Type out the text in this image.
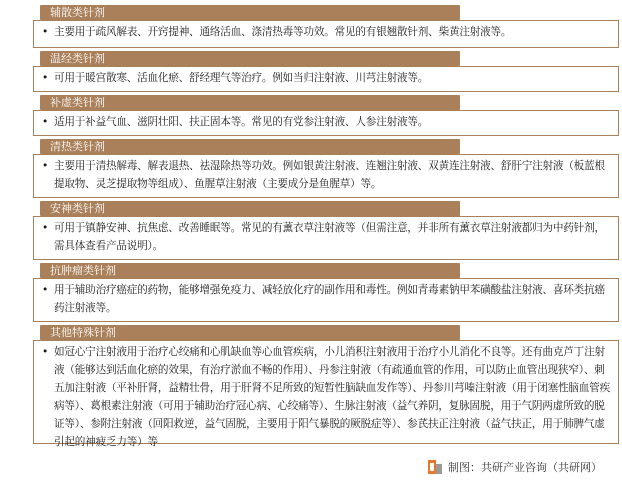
辅散类针剂

• 主要用于疏风解表、开窍提神、通络活血、涤清热毒等功效。常见的有银翘散针剂、柴黄注射液等。

温经类针剂

• 可用于暖宫散寒、活血化瘀、舒经理气等治疗。例如当归注射液、川芎注射液等。

补虚类针剂

• 适用于补益气血、滋阴壮阳、扶正固本等。常见的有党参注射液、人参注射液等。

清热类针剂

• 主要用于清热解毒、解表退热、祛湿除热等功效。例如银黄注射液、连翘注射液、双黄连注射液、舒肝宁注射液（板蓝根提取物、灵芝提取物等组成）、鱼腥草注射液（主要成分是鱼腥草）等。

安神类针剂

• 可用于镇静安神、抗焦虑、改善睡眠等。常见的有薰衣草注射液等（但需注意，并非所有薰衣草注射液都归为中药针剂，需具体查看产品说明）。

抗肿瘤类针剂

• 用于辅助治疗癌症的药物，能够增强免疫力、减轻放化疗的副作用和毒性。例如青毒素钠甲苯磺酸盐注射液、喜环类抗癌药注射液等。

其他特殊针剂

• 如冠心宁注射液用于治疗心绞痛和心肌缺血等心血管疾病，小儿消积注射液用于治疗小儿消化不良等。还有曲克芦丁注射液（能够达到活血化瘀的效果，有治疗淤血不畅的作用）、丹参注射液（有疏通血管的作用，可以防止血管出现狭窄）、刺五加注射液（平补肝肾，益精壮骨，用于肝肾不足所致的短暂性脑缺血发作等）、丹参川芎嗪注射液（用于闭塞性脑血管疾病等）、葛根素注射液（可用于辅助治疗冠心病、心绞痛等）、生脉注射液（益气养阴，复脉固脱，用于气阴两虚所致的脱证等）、参附注射液（回阳救逆，益气固脱，主要用于阳气暴脱的厥脱症等）、参芪扶正注射液（益气扶正，用于肺脾气虚引起的神疲乏力等）等

制图：共研产业咨询（共研网）
